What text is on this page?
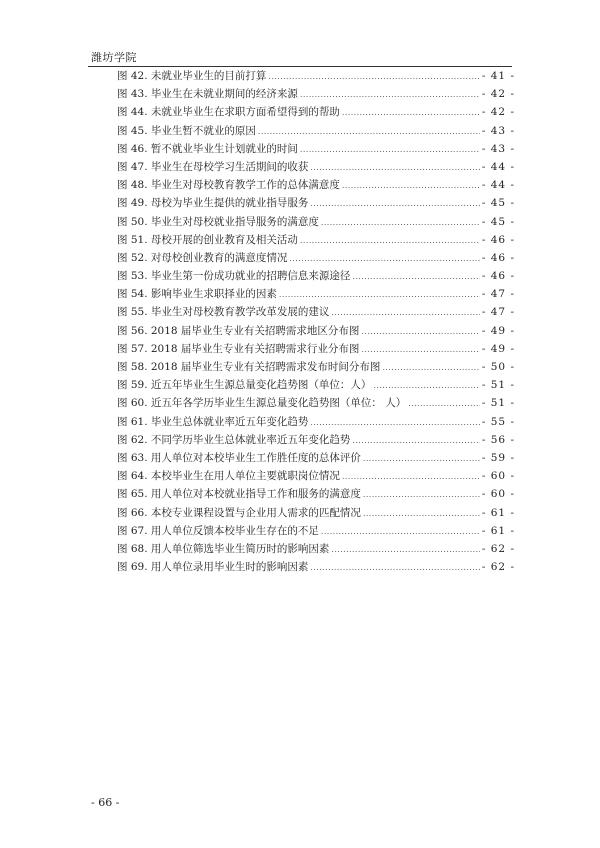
潍坊学院
图 42. 未就业毕业生的目前打算 .....	- 41 -
图 43. 毕业生在未就业期间的经济来源 .....	- 42 -
图 44. 未就业毕业生在求职方面希望得到的帮助 .....	- 42 -
图 45. 毕业生暂不就业的原因 .....	- 43 -
图 46. 暂不就业毕业生计划就业的时间 .....	- 43 -
图 47. 毕业生在母校学习生活期间的收获 .....	- 44 -
图 48. 毕业生对母校教育教学工作的总体满意度 .....	- 44 -
图 49. 母校为毕业生提供的就业指导服务 .....	- 45 -
图 50. 毕业生对母校就业指导服务的满意度 .....	- 45 -
图 51. 母校开展的创业教育及相关活动 .....	- 46 -
图 52. 对母校创业教育的满意度情况 .....	- 46 -
图 53. 毕业生第一份成功就业的招聘信息来源途径 .....	- 46 -
图 54. 影响毕业生求职择业的因素 .....	- 47 -
图 55. 毕业生对母校教育教学改革发展的建议 .....	- 47 -
图 56. 2018 届毕业生专业有关招聘需求地区分布图 .....	- 49 -
图 57. 2018 届毕业生专业有关招聘需求行业分布图 .....	- 49 -
图 58. 2018 届毕业生专业有关招聘需求发布时间分布图 .....	- 50 -
图 59. 近五年毕业生生源总量变化趋势图（单位：人） .....	- 51 -
图 60. 近五年各学历毕业生生源总量变化趋势图（单位： 人） .....	- 51 -
图 61. 毕业生总体就业率近五年变化趋势 .....	- 55 -
图 62. 不同学历毕业生总体就业率近五年变化趋势 .....	- 56 -
图 63. 用人单位对本校毕业生工作胜任度的总体评价 .....	- 59 -
图 64. 本校毕业生在用人单位主要就职岗位情况 .....	- 60 -
图 65. 用人单位对本校就业指导工作和服务的满意度 .....	- 60 -
图 66. 本校专业课程设置与企业用人需求的匹配情况 .....	- 61 -
图 67. 用人单位反馈本校毕业生存在的不足 .....	- 61 -
图 68. 用人单位筛选毕业生简历时的影响因素 .....	- 62 -
图 69. 用人单位录用毕业生时的影响因素 .....	- 62 -
- 66 -
